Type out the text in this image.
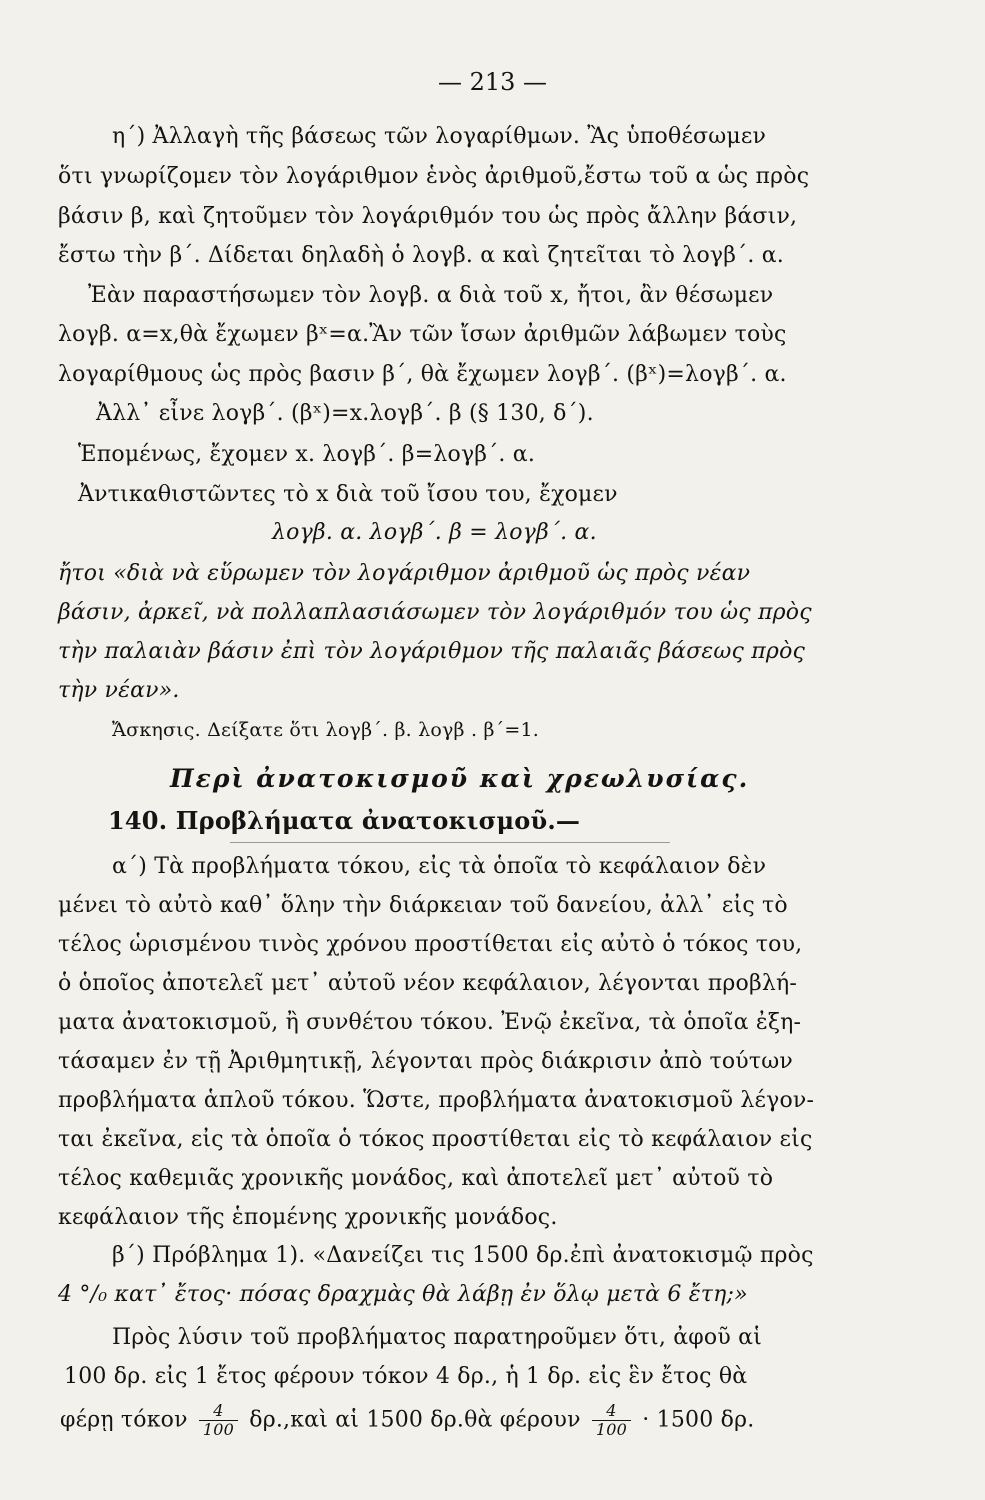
— 213 —
η΄) Ἀλλαγὴ τῆς βάσεως τῶν λογαρίθμων. Ἂς ὑποθέσωμεν
ὅτι γνωρίζομεν τὸν λογάριθμον ἑνὸς ἀριθμοῦ,ἔστω τοῦ α ὡς πρὸς
βάσιν β, καὶ ζητοῦμεν τὸν λογάριθμόν του ὡς πρὸς ἄλλην βάσιν,
ἔστω τὴν β΄. Δίδεται δηλαδὴ ὁ λογβ. α καὶ ζητεῖται τὸ λογβ΄. α.
Ἐὰν παραστήσωμεν τὸν λογβ. α διὰ τοῦ x, ἤτοι, ἂν θέσωμεν
λογβ. α=x,θὰ ἔχωμεν βˣ=α.Ἂν τῶν ἴσων ἀριθμῶν λάβωμεν τοὺς
λογαρίθμους ὡς πρὸς βασιν β΄, θὰ ἔχωμεν λογβ΄. (βˣ)=λογβ΄. α.
Ἀλλ᾿ εἶνε λογβ΄. (βˣ)=x.λογβ΄. β (§ 130, δ΄).
Ἑπομένως, ἔχομεν x. λογβ΄. β=λογβ΄. α.
Ἀντικαθιστῶντες τὸ x διὰ τοῦ ἴσου του, ἔχομεν
λογβ. α. λογβ΄. β = λογβ΄. α.
ἤτοι «διὰ νὰ εὕρωμεν τὸν λογάριθμον ἀριθμοῦ ὡς πρὸς νέαν
βάσιν, ἀρκεῖ, νὰ πολλαπλασιάσωμεν τὸν λογάριθμόν του ὡς πρὸς
τὴν παλαιὰν βάσιν ἐπὶ τὸν λογάριθμον τῆς παλαιᾶς βάσεως πρὸς
τὴν νέαν».
Ἄσκησις. Δείξατε ὅτι λογβ΄. β. λογβ . β΄=1.
Περὶ ἀνατοκισμοῦ καὶ χρεωλυσίας.
140. Προβλήματα ἀνατοκισμοῦ.—
α΄) Τὰ προβλήματα τόκου, εἰς τὰ ὁποῖα τὸ κεφάλαιον δὲν
μένει τὸ αὐτὸ καθ᾿ ὅλην τὴν διάρκειαν τοῦ δανείου, ἀλλ᾿ εἰς τὸ
τέλος ὡρισμένου τινὸς χρόνου προστίθεται εἰς αὐτὸ ὁ τόκος του,
ὁ ὁποῖος ἀποτελεῖ μετ᾿ αὐτοῦ νέον κεφάλαιον, λέγονται προβλή-
ματα ἀνατοκισμοῦ, ἢ συνθέτου τόκου. Ἐνῷ ἐκεῖνα, τὰ ὁποῖα ἐξη-
τάσαμεν ἐν τῇ Ἀριθμητικῇ, λέγονται πρὸς διάκρισιν ἀπὸ τούτων
προβλήματα ἁπλοῦ τόκου. Ὥστε, προβλήματα ἀνατοκισμοῦ λέγον-
ται ἐκεῖνα, εἰς τὰ ὁποῖα ὁ τόκος προστίθεται εἰς τὸ κεφάλαιον εἰς
τέλος καθεμιᾶς χρονικῆς μονάδος, καὶ ἀποτελεῖ μετ᾿ αὐτοῦ τὸ
κεφάλαιον τῆς ἑπομένης χρονικῆς μονάδος.
β΄) Πρόβλημα 1). «Δανείζει τις 1500 δρ.ἐπὶ ἀνατοκισμῷ πρὸς
4 °/₀ κατ᾿ ἔτος· πόσας δραχμὰς θὰ λάβῃ ἐν ὅλῳ μετὰ 6 ἔτη;»
Πρὸς λύσιν τοῦ προβλήματος παρατηροῦμεν ὅτι, ἀφοῦ αἱ
100 δρ. εἰς 1 ἔτος φέρουν τόκον 4 δρ., ἡ 1 δρ. εἰς ἓν ἔτος θὰ
φέρῃ τόκον $\frac{4}{100}$ δρ.,καὶ αἱ 1500 δρ.θὰ φέρουν $\frac{4}{100} \cdot 1500$ δρ.
